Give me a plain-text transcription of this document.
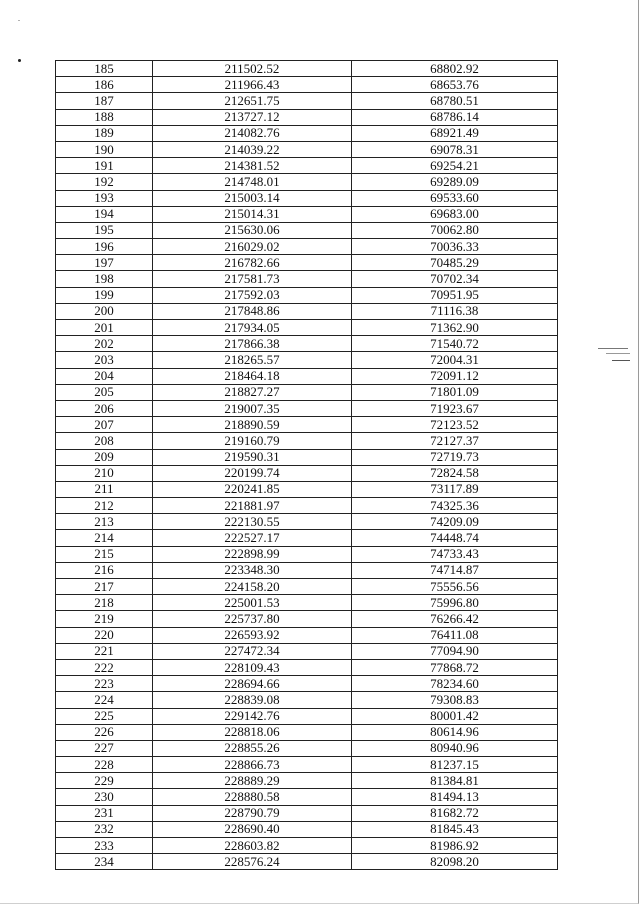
185	211502.52	68802.92
186	211966.43	68653.76
187	212651.75	68780.51
188	213727.12	68786.14
189	214082.76	68921.49
190	214039.22	69078.31
191	214381.52	69254.21
192	214748.01	69289.09
193	215003.14	69533.60
194	215014.31	69683.00
195	215630.06	70062.80
196	216029.02	70036.33
197	216782.66	70485.29
198	217581.73	70702.34
199	217592.03	70951.95
200	217848.86	71116.38
201	217934.05	71362.90
202	217866.38	71540.72
203	218265.57	72004.31
204	218464.18	72091.12
205	218827.27	71801.09
206	219007.35	71923.67
207	218890.59	72123.52
208	219160.79	72127.37
209	219590.31	72719.73
210	220199.74	72824.58
211	220241.85	73117.89
212	221881.97	74325.36
213	222130.55	74209.09
214	222527.17	74448.74
215	222898.99	74733.43
216	223348.30	74714.87
217	224158.20	75556.56
218	225001.53	75996.80
219	225737.80	76266.42
220	226593.92	76411.08
221	227472.34	77094.90
222	228109.43	77868.72
223	228694.66	78234.60
224	228839.08	79308.83
225	229142.76	80001.42
226	228818.06	80614.96
227	228855.26	80940.96
228	228866.73	81237.15
229	228889.29	81384.81
230	228880.58	81494.13
231	228790.79	81682.72
232	228690.40	81845.43
233	228603.82	81986.92
234	228576.24	82098.20
